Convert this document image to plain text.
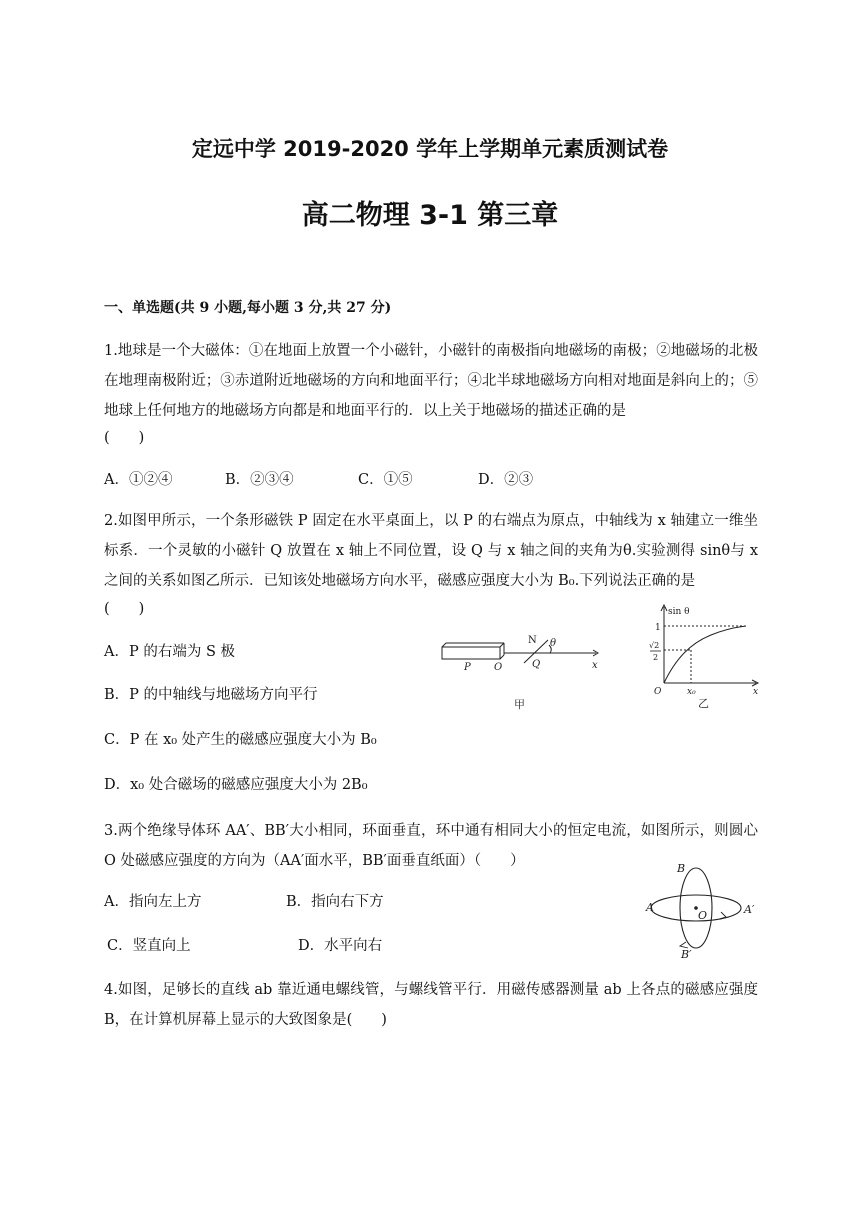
定远中学 2019-2020 学年上学期单元素质测试卷
高二物理 3-1 第三章
一、单选题(共 9 小题,每小题 3 分,共 27 分)
1.地球是一个大磁体：①在地面上放置一个小磁针，小磁针的南极指向地磁场的南极；②地磁场的北极在地理南极附近；③赤道附近地磁场的方向和地面平行；④北半球地磁场方向相对地面是斜向上的；⑤地球上任何地方的地磁场方向都是和地面平行的．以上关于地磁场的描述正确的是
(　　)
A．①②④	B．②③④	C．①⑤	D．②③
2.如图甲所示，一个条形磁铁 P 固定在水平桌面上，以 P 的右端点为原点，中轴线为 x 轴建立一维坐标系．一个灵敏的小磁针 Q 放置在 x 轴上不同位置，设 Q 与 x 轴之间的夹角为θ.实验测得 sinθ与 x 之间的关系如图乙所示．已知该处地磁场方向水平，磁感应强度大小为 B₀.下列说法正确的是
(　　)
A．P 的右端为 S 极
B．P 的中轴线与地磁场方向平行
C．P 在 x₀ 处产生的磁感应强度大小为 B₀
D．x₀ 处合磁场的磁感应强度大小为 2B₀
P O
N
Q	x
θ
甲
sin θ
1
√2
2
O	x₀	x
乙
3.两个绝缘导体环 AA′、BB′大小相同，环面垂直，环中通有相同大小的恒定电流，如图所示，则圆心 O 处磁感应强度的方向为（AA′面水平，BB′面垂直纸面）（　　）
A．指向左上方	B．指向右下方
C．竖直向上	D．水平向右
A	A′
B
B′
O
4.如图，足够长的直线 ab 靠近通电螺线管，与螺线管平行．用磁传感器测量 ab 上各点的磁感应强度 B，在计算机屏幕上显示的大致图象是(　　)
